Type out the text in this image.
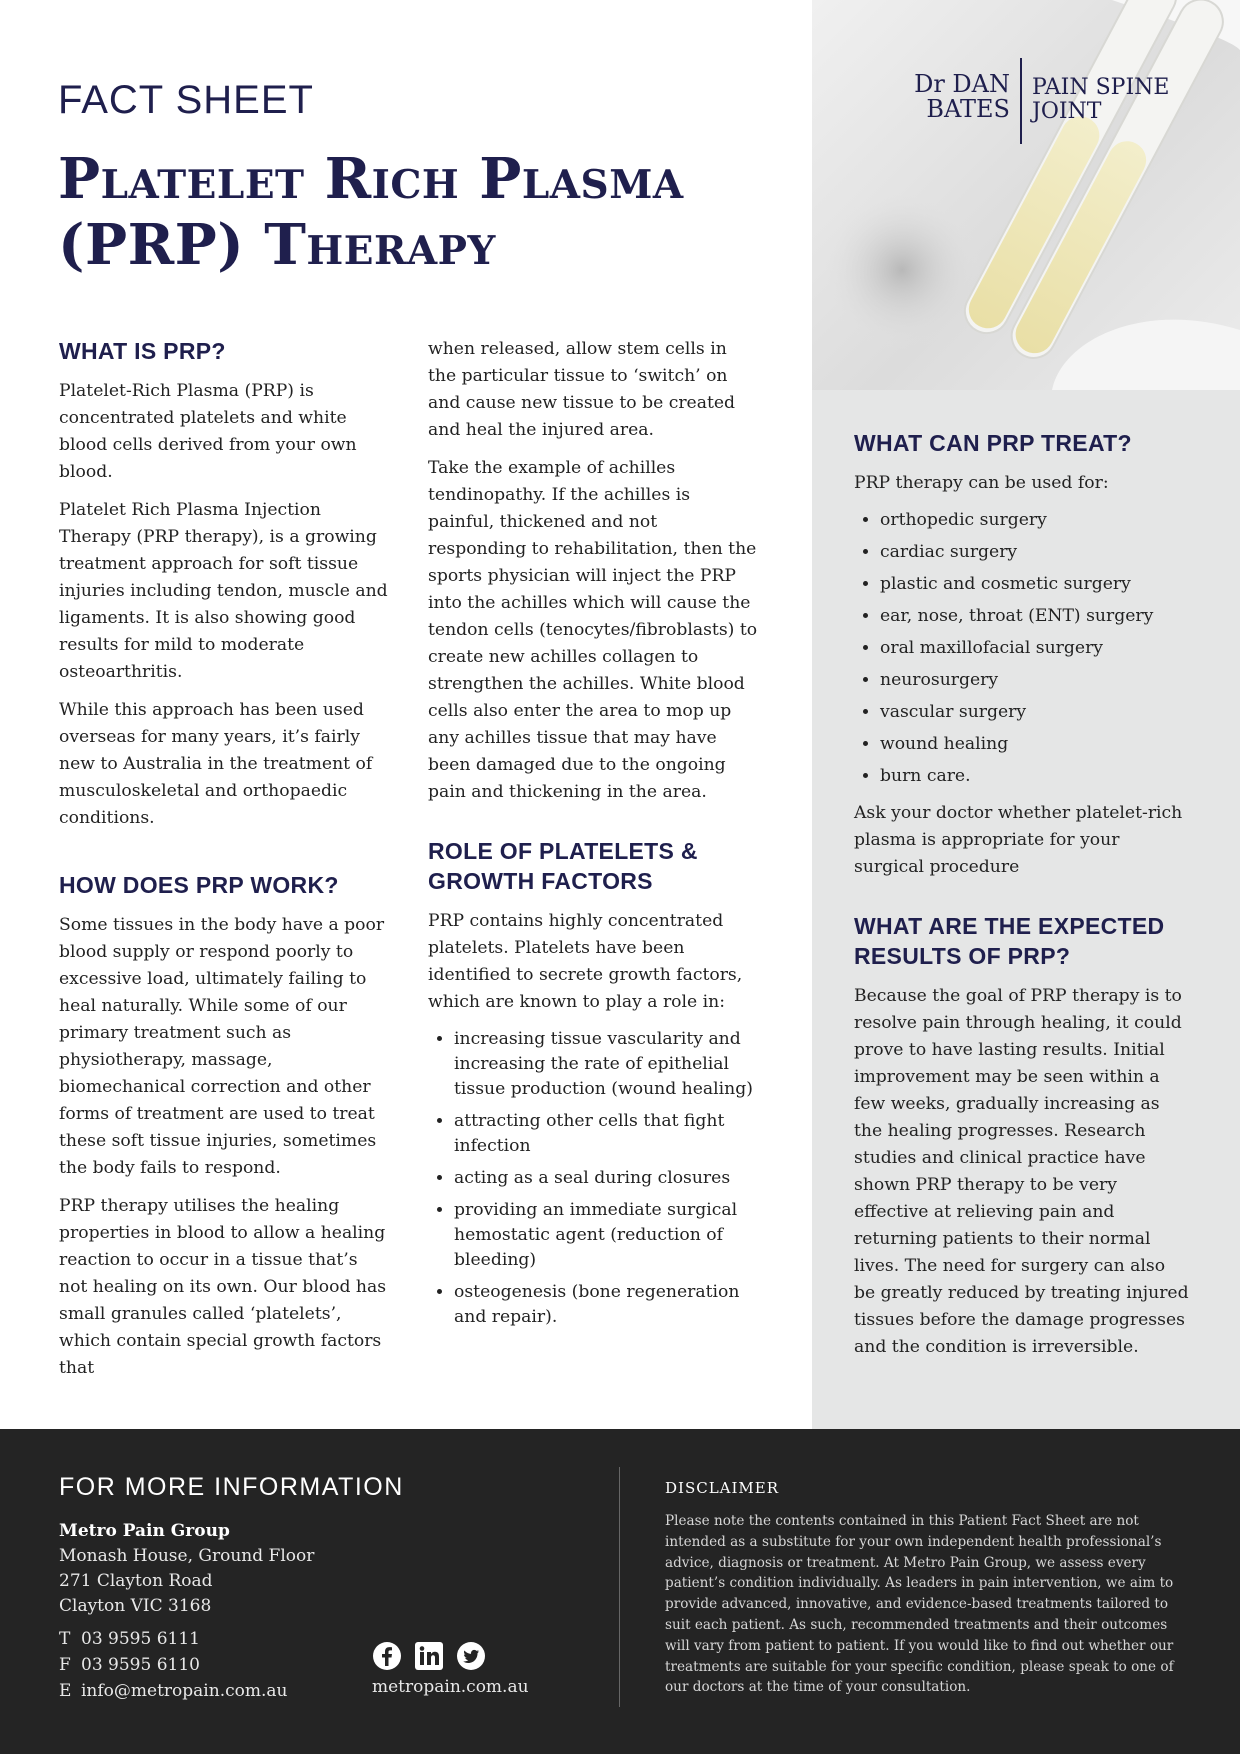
FACT SHEET
Platelet Rich Plasma
(PRP) Therapy
Dr DAN
BATES
PAIN SPINE
JOINT
WHAT IS PRP?

Platelet-Rich Plasma (PRP) is concentrated platelets and white blood cells derived from your own blood.

Platelet Rich Plasma Injection Therapy (PRP therapy), is a growing treatment approach for soft tissue injuries including tendon, muscle and ligaments. It is also showing good results for mild to moderate osteoarthritis.

While this approach has been used overseas for many years, it’s fairly new to Australia in the treatment of musculoskeletal and orthopaedic conditions.

HOW DOES PRP WORK?

Some tissues in the body have a poor blood supply or respond poorly to excessive load, ultimately failing to heal naturally. While some of our primary treatment such as physiotherapy, massage, biomechanical correction and other forms of treatment are used to treat these soft tissue injuries, sometimes the body fails to respond.

PRP therapy utilises the healing properties in blood to allow a healing reaction to occur in a tissue that’s not healing on its own. Our blood has small granules called ‘platelets’, which contain special growth factors that

when released, allow stem cells in the particular tissue to ‘switch’ on and cause new tissue to be created and heal the injured area.

Take the example of achilles tendinopathy. If the achilles is painful, thickened and not responding to rehabilitation, then the sports physician will inject the PRP into the achilles which will cause the tendon cells (tenocytes/fibroblasts) to create new achilles collagen to strengthen the achilles. White blood cells also enter the area to mop up any achilles tissue that may have been damaged due to the ongoing pain and thickening in the area.

ROLE OF PLATELETS & GROWTH FACTORS

PRP contains highly concentrated platelets. Platelets have been identified to secrete growth factors, which are known to play a role in:

• increasing tissue vascularity and increasing the rate of epithelial tissue production (wound healing)
• attracting other cells that fight infection
• acting as a seal during closures
• providing an immediate surgical hemostatic agent (reduction of bleeding)
• osteogenesis (bone regeneration and repair).
WHAT CAN PRP TREAT?

PRP therapy can be used for:

• orthopedic surgery
• cardiac surgery
• plastic and cosmetic surgery
• ear, nose, throat (ENT) surgery
• oral maxillofacial surgery
• neurosurgery
• vascular surgery
• wound healing
• burn care.

Ask your doctor whether platelet-rich plasma is appropriate for your surgical procedure

WHAT ARE THE EXPECTED RESULTS OF PRP?

Because the goal of PRP therapy is to resolve pain through healing, it could prove to have lasting results. Initial improvement may be seen within a few weeks, gradually increasing as the healing progresses. Research studies and clinical practice have shown PRP therapy to be very effective at relieving pain and returning patients to their normal lives. The need for surgery can also be greatly reduced by treating injured tissues before the damage progresses and the condition is irreversible.

FOR MORE INFORMATION
Metro Pain Group
Monash House, Ground Floor
271 Clayton Road
Clayton VIC 3168
T 03 9595 6111
F 03 9595 6110
E info@metropain.com.au	metropain.com.au
DISCLAIMER

Please note the contents contained in this Patient Fact Sheet are not intended as a substitute for your own independent health professional’s advice, diagnosis or treatment. At Metro Pain Group, we assess every patient’s condition individually. As leaders in pain intervention, we aim to provide advanced, innovative, and evidence-based treatments tailored to suit each patient. As such, recommended treatments and their outcomes will vary from patient to patient. If you would like to find out whether our treatments are suitable for your specific condition, please speak to one of our doctors at the time of your consultation.
